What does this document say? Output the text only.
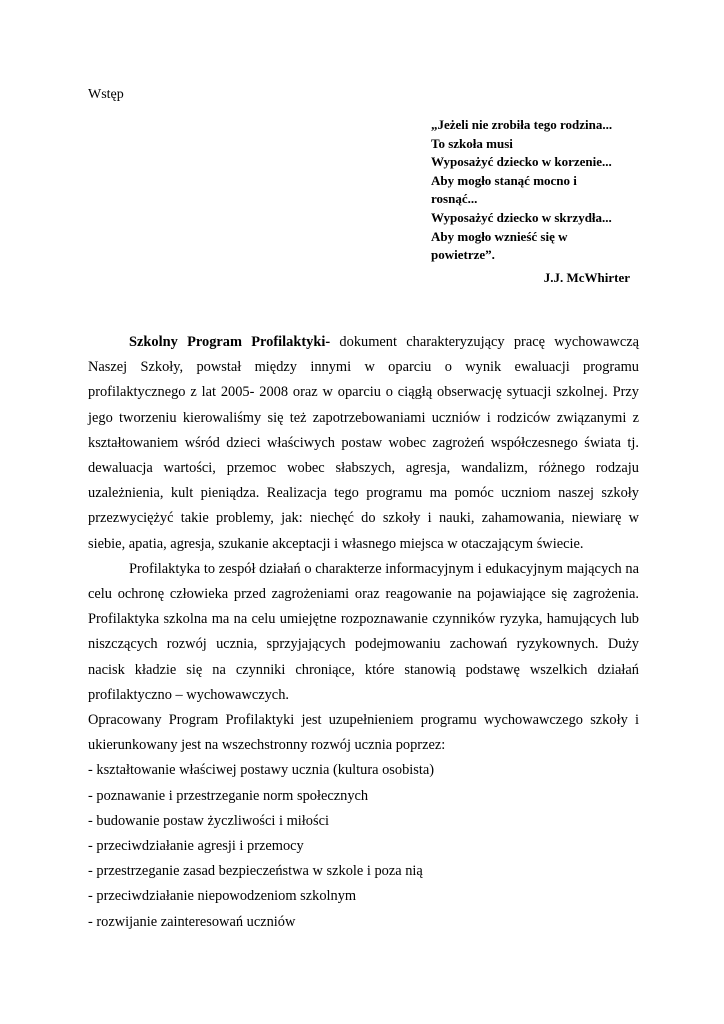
Wstęp
„Jeżeli nie zrobiła tego rodzina...
To szkoła musi
Wyposażyć dziecko w korzenie...
Aby mogło stanąć mocno i
rosnąć...
Wyposażyć dziecko w skrzydła...
Aby mogło wznieść się w
powietrze”.
J.J. McWhirter

Szkolny Program Profilaktyki- dokument charakteryzujący pracę wychowawczą Naszej Szkoły, powstał między innymi w oparciu o wynik ewaluacji programu profilaktycznego z lat 2005- 2008 oraz w oparciu o ciągłą obserwację sytuacji szkolnej. Przy jego tworzeniu kierowaliśmy się też zapotrzebowaniami uczniów i rodziców związanymi z kształtowaniem wśród dzieci właściwych postaw wobec zagrożeń współczesnego świata tj. dewaluacja wartości, przemoc wobec słabszych, agresja, wandalizm, różnego rodzaju uzależnienia, kult pieniądza. Realizacja tego programu ma pomóc uczniom naszej szkoły przezwyciężyć takie problemy, jak: niechęć do szkoły i nauki, zahamowania, niewiarę w siebie, apatia, agresja, szukanie akceptacji i własnego miejsca w otaczającym świecie.

Profilaktyka to zespół działań o charakterze informacyjnym i edukacyjnym mających na celu ochronę człowieka przed zagrożeniami oraz reagowanie na pojawiające się zagrożenia. Profilaktyka szkolna ma na celu umiejętne rozpoznawanie czynników ryzyka, hamujących lub niszczących rozwój ucznia, sprzyjających podejmowaniu zachowań ryzykownych. Duży nacisk kładzie się na czynniki chroniące, które stanowią podstawę wszelkich działań profilaktyczno – wychowawczych.

Opracowany Program Profilaktyki jest uzupełnieniem programu wychowawczego szkoły i ukierunkowany jest na wszechstronny rozwój ucznia poprzez:

- kształtowanie właściwej postawy ucznia (kultura osobista)
- poznawanie i przestrzeganie norm społecznych
- budowanie postaw życzliwości i miłości
- przeciwdziałanie agresji i przemocy
- przestrzeganie zasad bezpieczeństwa w szkole i poza nią
- przeciwdziałanie niepowodzeniom szkolnym
- rozwijanie zainteresowań uczniów
